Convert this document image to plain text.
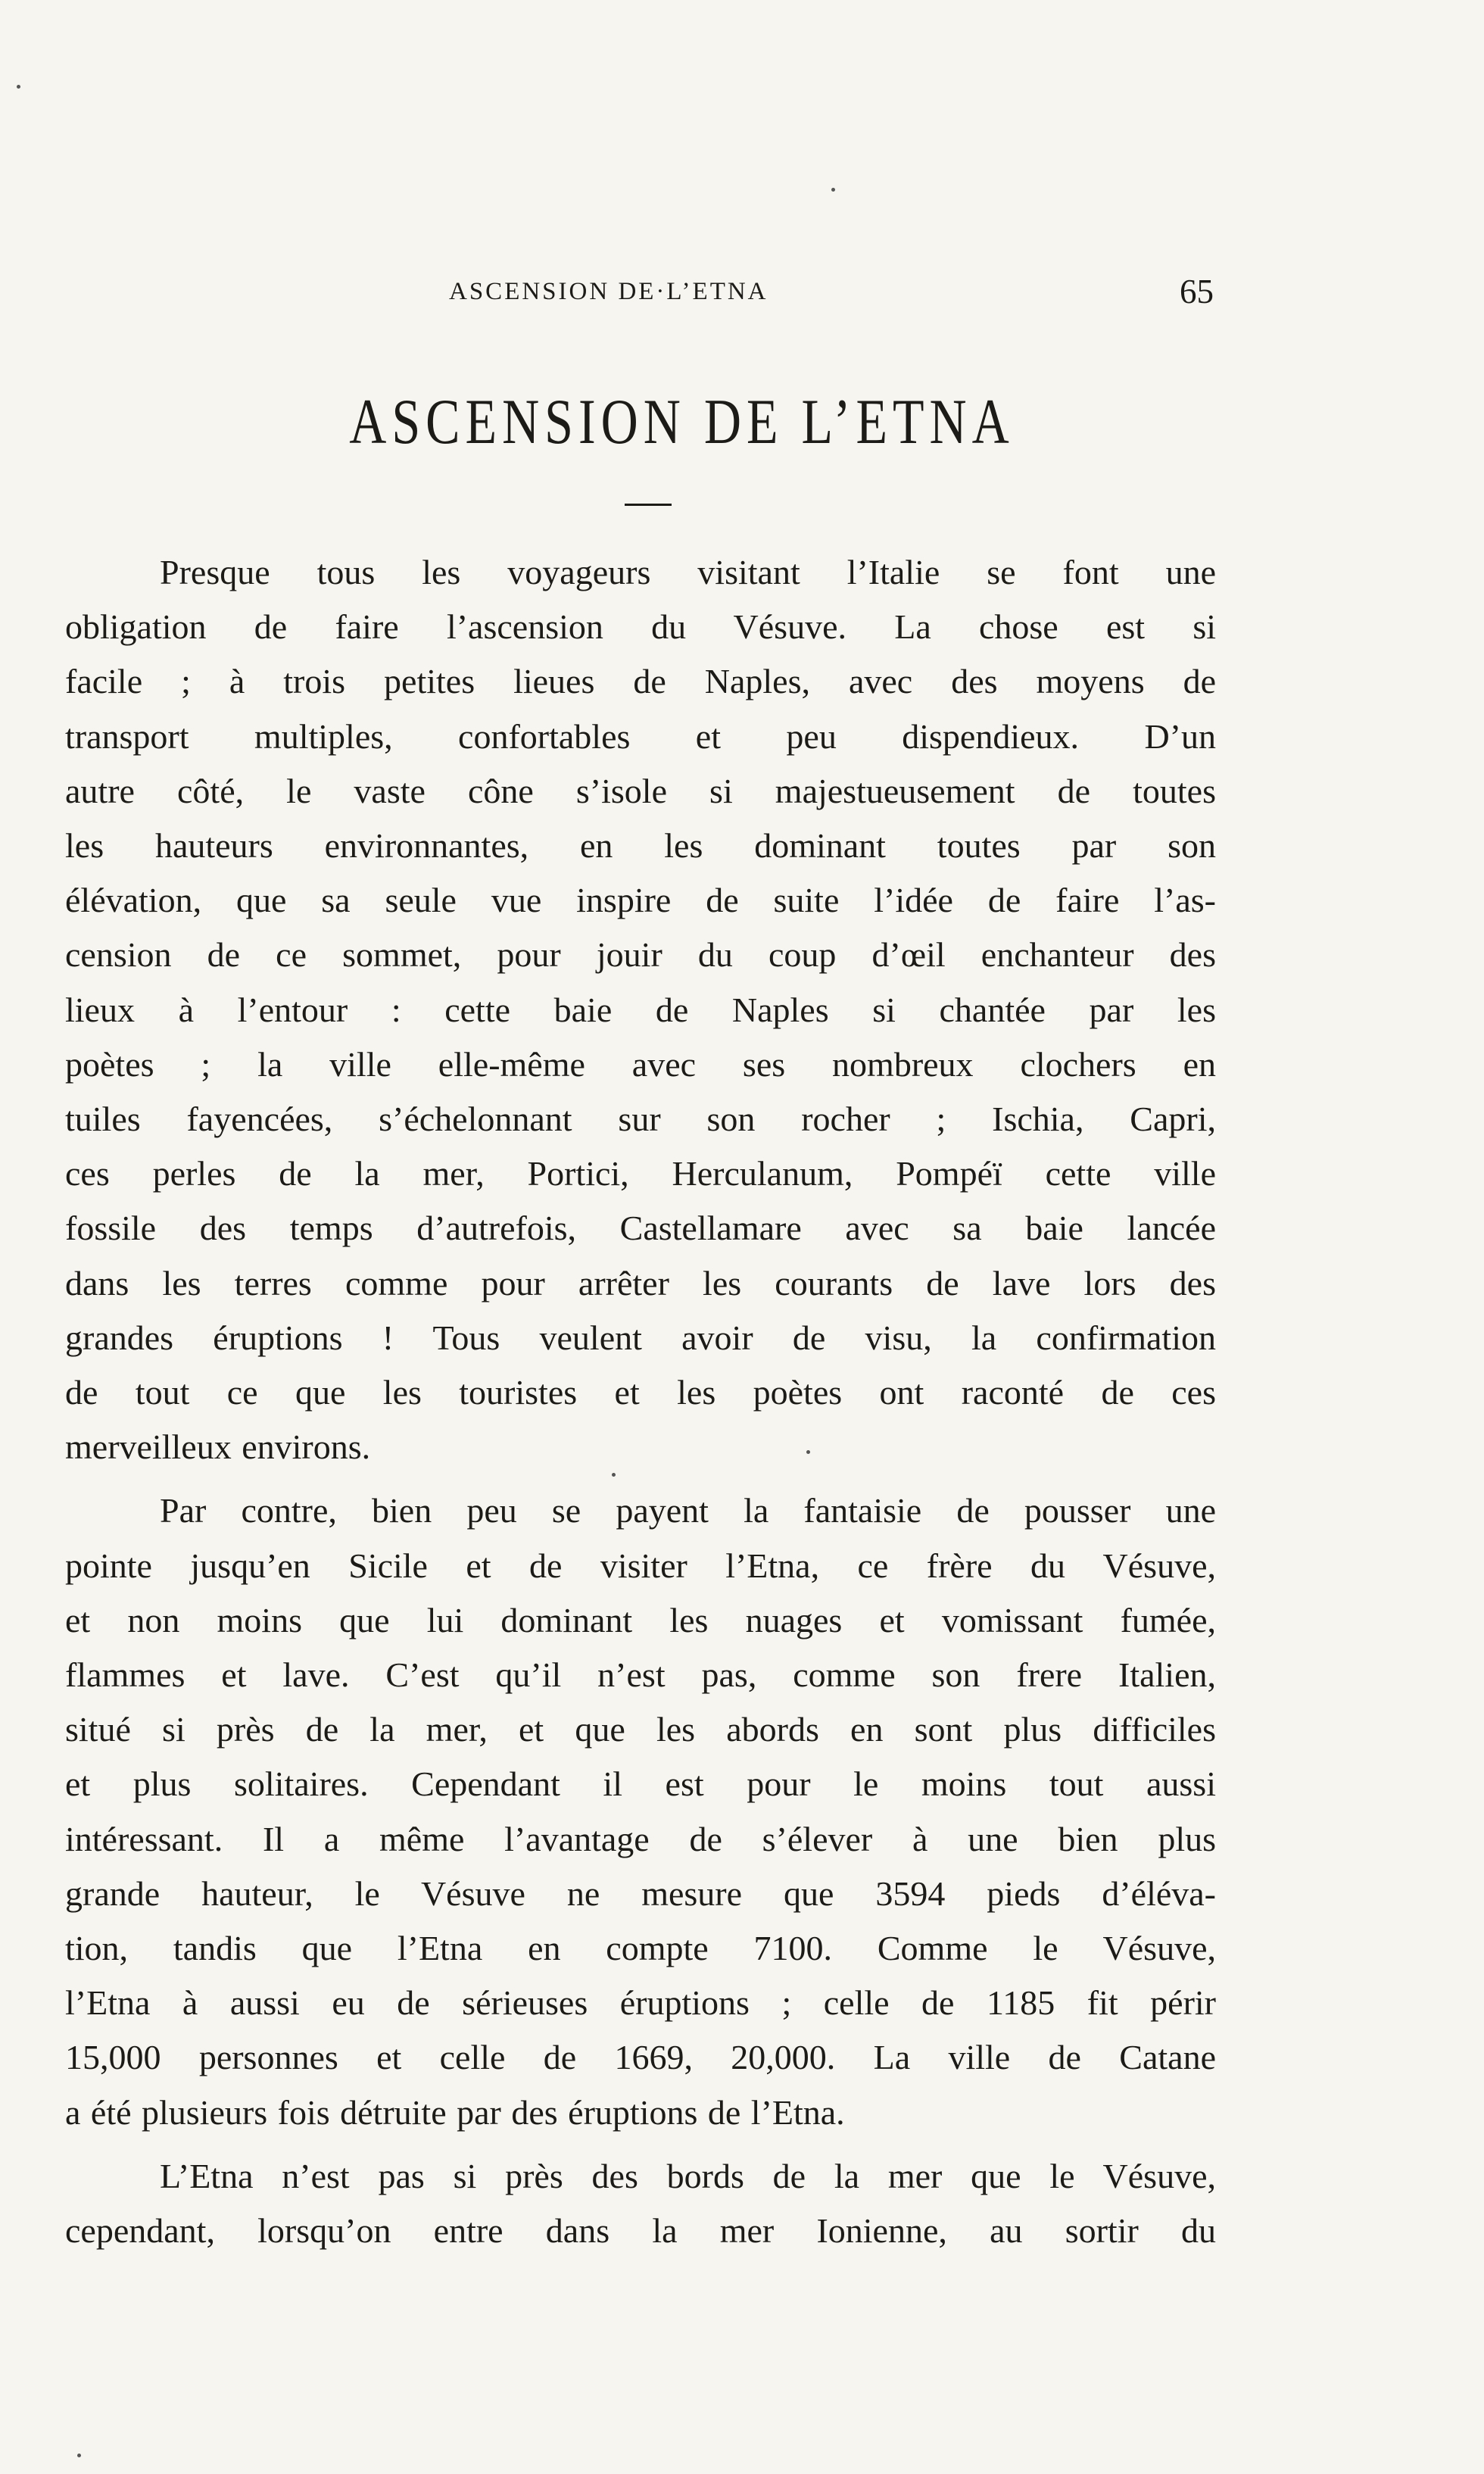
ASCENSION DE·L’ETNA	65
ASCENSION DE L’ETNA

Presque tous les voyageurs visitant l’Italie se font une
obligation de faire l’ascension du Vésuve. La chose est si
facile ; à trois petites lieues de Naples, avec des moyens de
transport multiples, confortables et peu dispendieux. D’un
autre côté, le vaste cône s’isole si majestueusement de toutes
les hauteurs environnantes, en les dominant toutes par son
élévation, que sa seule vue inspire de suite l’idée de faire l’as-
cension de ce sommet, pour jouir du coup d’œil enchanteur des
lieux à l’entour : cette baie de Naples si chantée par les
poètes ; la ville elle-même avec ses nombreux clochers en
tuiles fayencées, s’échelonnant sur son rocher ; Ischia, Capri,
ces perles de la mer, Portici, Herculanum, Pompéï cette ville
fossile des temps d’autrefois, Castellamare avec sa baie lancée
dans les terres comme pour arrêter les courants de lave lors des
grandes éruptions ! Tous veulent avoir de visu, la confirmation
de tout ce que les touristes et les poètes ont raconté de ces
merveilleux environs.

Par contre, bien peu se payent la fantaisie de pousser une
pointe jusqu’en Sicile et de visiter l’Etna, ce frère du Vésuve,
et non moins que lui dominant les nuages et vomissant fumée,
flammes et lave. C’est qu’il n’est pas, comme son frere Italien,
situé si près de la mer, et que les abords en sont plus difficiles
et plus solitaires. Cependant il est pour le moins tout aussi
intéressant. Il a même l’avantage de s’élever à une bien plus
grande hauteur, le Vésuve ne mesure que 3594 pieds d’éléva-
tion, tandis que l’Etna en compte 7100. Comme le Vésuve,
l’Etna à aussi eu de sérieuses éruptions ; celle de 1185 fit périr
15,000 personnes et celle de 1669, 20,000. La ville de Catane
a été plusieurs fois détruite par des éruptions de l’Etna.

L’Etna n’est pas si près des bords de la mer que le Vésuve,
cependant, lorsqu’on entre dans la mer Ionienne, au sortir du
